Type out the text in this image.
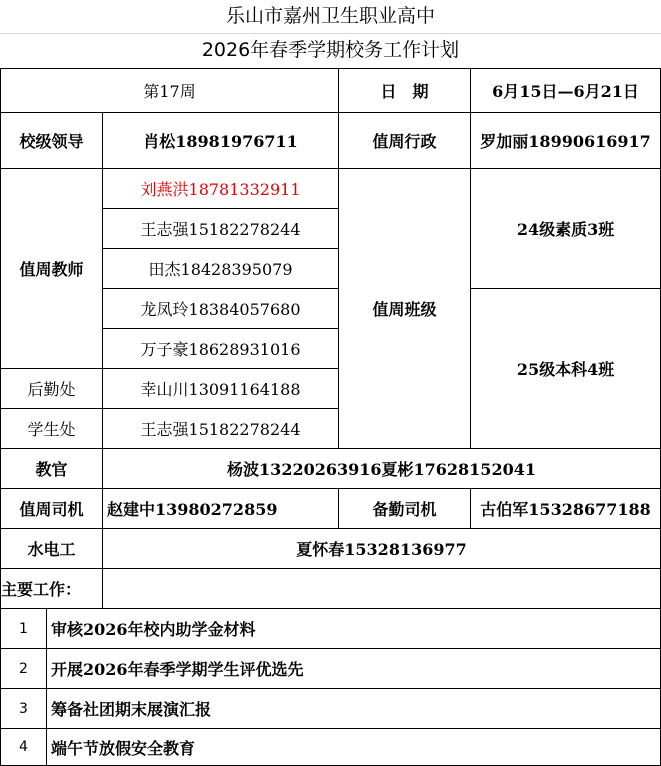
乐山市嘉州卫生职业高中
2026年春季学期校务工作计划
第17周			日　期	6月15日—6月21日
校级领导		肖松18981976711	值周行政	罗加丽18990616917
值周教师		刘燕洪18781332911	值周班级	24级素质3班
		王志强15182278244		
		田杰18428395079		
		龙凤玲18384057680		25级本科4班
		万子豪18628931016		
后勤处		幸山川13091164188		
学生处		王志强15182278244		
教官		杨波13220263916夏彬17628152041		
值周司机		赵建中13980272859	备勤司机	古伯军15328677188
水电工		夏怀春15328136977		
主要工作：				
1	审核2026年校内助学金材料			
2	开展2026年春季学期学生评优选先			
3	筹备社团期末展演汇报			
4	端午节放假安全教育			
